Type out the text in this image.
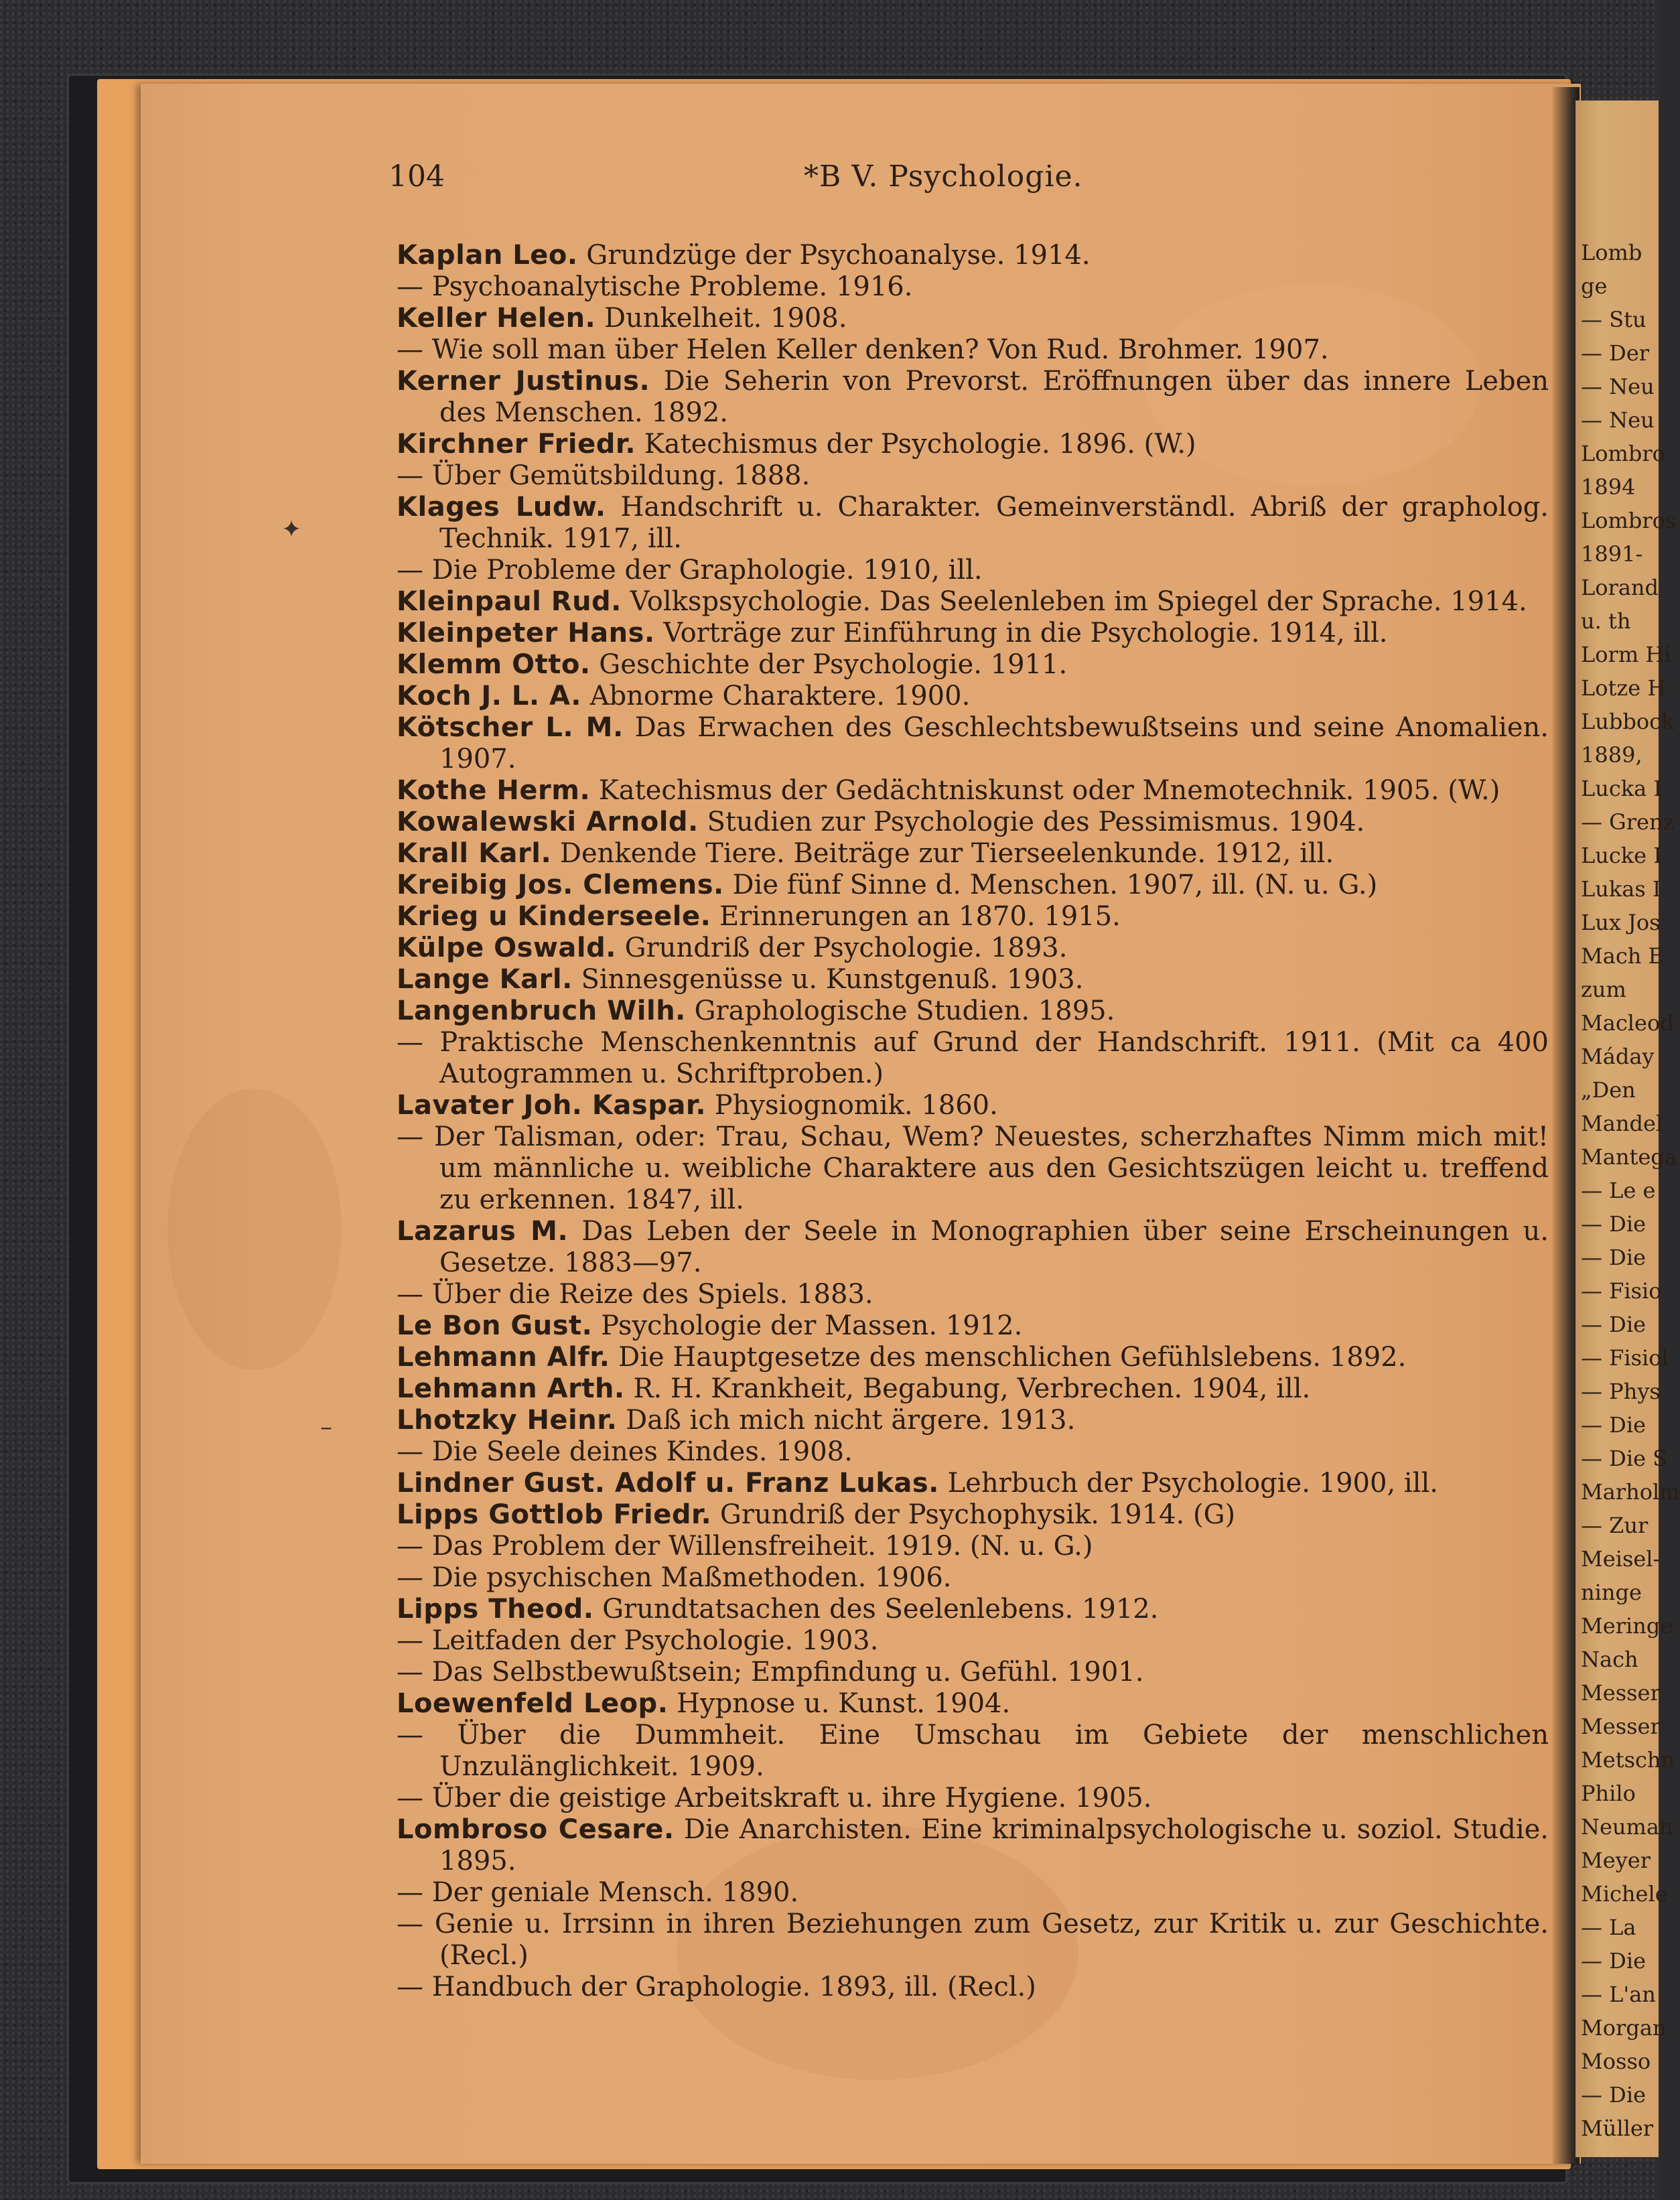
Lomb
ge
— Stu
— Der
— Neu
— Neu
Lombro
1894
Lombros
1891-
Lorand
u. th
Lorm Hi
Lotze H
Lubbock
1889,
Lucka I
— Grenz
Lucke I
Lukas I
Lux Jos
Mach E
zum
Macleod
Máday
„Den
Mandel
Mantega
— Le e
— Die
— Die
— Fisio
— Die
— Fisiol
— Phys
— Die
— Die S
Marholm
— Zur
Meisel-
ninge
Meringe
Nach
Messer
Messer
Metschn
Philo
Neuman
Meyer
Michele
— La
— Die
— L'an
Morgan
Mosso
— Die
Müller
104	*B V. Psychologie.

Kaplan Leo. Grundzüge der Psychoanalyse. 1914.

— Psychoanalytische Probleme. 1916.

Keller Helen. Dunkelheit. 1908.

— Wie soll man über Helen Keller denken? Von Rud. Brohmer. 1907.

Kerner Justinus. Die Seherin von Prevorst. Eröffnungen über das innere Leben des Menschen. 1892.

Kirchner Friedr. Katechismus der Psychologie. 1896. (W.)

— Über Gemütsbildung. 1888.

Klages Ludw. Handschrift u. Charakter. Gemeinverständl. Abriß der grapholog. Technik. 1917, ill.

— Die Probleme der Graphologie. 1910, ill.

Kleinpaul Rud. Volkspsychologie. Das Seelenleben im Spiegel der Sprache. 1914.

Kleinpeter Hans. Vorträge zur Einführung in die Psychologie. 1914, ill.

Klemm Otto. Geschichte der Psychologie. 1911.

Koch J. L. A. Abnorme Charaktere. 1900.

Kötscher L. M. Das Erwachen des Geschlechtsbewußtseins und seine Anomalien. 1907.

Kothe Herm. Katechismus der Gedächtniskunst oder Mnemotechnik. 1905. (W.)

Kowalewski Arnold. Studien zur Psychologie des Pessimismus. 1904.

Krall Karl. Denkende Tiere. Beiträge zur Tierseelenkunde. 1912, ill.

Kreibig Jos. Clemens. Die fünf Sinne d. Menschen. 1907, ill. (N. u. G.)

Krieg u Kinderseele. Erinnerungen an 1870. 1915.

Külpe Oswald. Grundriß der Psychologie. 1893.

Lange Karl. Sinnesgenüsse u. Kunstgenuß. 1903.

Langenbruch Wilh. Graphologische Studien. 1895.

— Praktische Menschenkenntnis auf Grund der Handschrift. 1911. (Mit ca 400 Autogrammen u. Schriftproben.)

Lavater Joh. Kaspar. Physiognomik. 1860.

— Der Talisman, oder: Trau, Schau, Wem? Neuestes, scherzhaftes Nimm mich mit! um männliche u. weibliche Charaktere aus den Gesichtszügen leicht u. treffend zu erkennen. 1847, ill.

Lazarus M. Das Leben der Seele in Monographien über seine Erscheinungen u. Gesetze. 1883—97.

— Über die Reize des Spiels. 1883.

Le Bon Gust. Psychologie der Massen. 1912.

Lehmann Alfr. Die Hauptgesetze des menschlichen Gefühlslebens. 1892.

Lehmann Arth. R. H. Krankheit, Begabung, Verbrechen. 1904, ill.

Lhotzky Heinr. Daß ich mich nicht ärgere. 1913.

— Die Seele deines Kindes. 1908.

Lindner Gust. Adolf u. Franz Lukas. Lehrbuch der Psychologie. 1900, ill.

Lipps Gottlob Friedr. Grundriß der Psychophysik. 1914. (G)

— Das Problem der Willensfreiheit. 1919. (N. u. G.)

— Die psychischen Maßmethoden. 1906.

Lipps Theod. Grundtatsachen des Seelenlebens. 1912.

— Leitfaden der Psychologie. 1903.

— Das Selbstbewußtsein; Empfindung u. Gefühl. 1901.

Loewenfeld Leop. Hypnose u. Kunst. 1904.

— Über die Dummheit. Eine Umschau im Gebiete der menschlichen Unzulänglichkeit. 1909.

— Über die geistige Arbeitskraft u. ihre Hygiene. 1905.

Lombroso Cesare. Die Anarchisten. Eine kriminalpsychologische u. soziol. Studie. 1895.

— Der geniale Mensch. 1890.

— Genie u. Irrsinn in ihren Beziehungen zum Gesetz, zur Kritik u. zur Geschichte. (Recl.)

— Handbuch der Graphologie. 1893, ill. (Recl.)

✦
–
